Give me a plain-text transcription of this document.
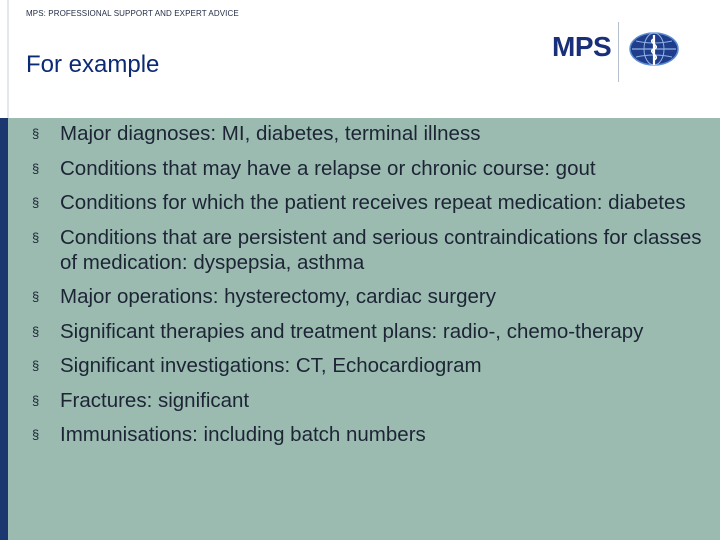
MPS: PROFESSIONAL SUPPORT AND EXPERT ADVICE
For example
MPS
§ Major diagnoses: MI, diabetes, terminal illness
§ Conditions that may have a relapse or chronic course: gout
§ Conditions for which the patient receives repeat medication: diabetes
§ Conditions that are persistent and serious contraindications for classes of medication: dyspepsia, asthma
§ Major operations: hysterectomy, cardiac surgery
§ Significant therapies and treatment plans: radio-, chemo-therapy
§ Significant investigations: CT, Echocardiogram
§ Fractures: significant
§ Immunisations: including batch numbers
